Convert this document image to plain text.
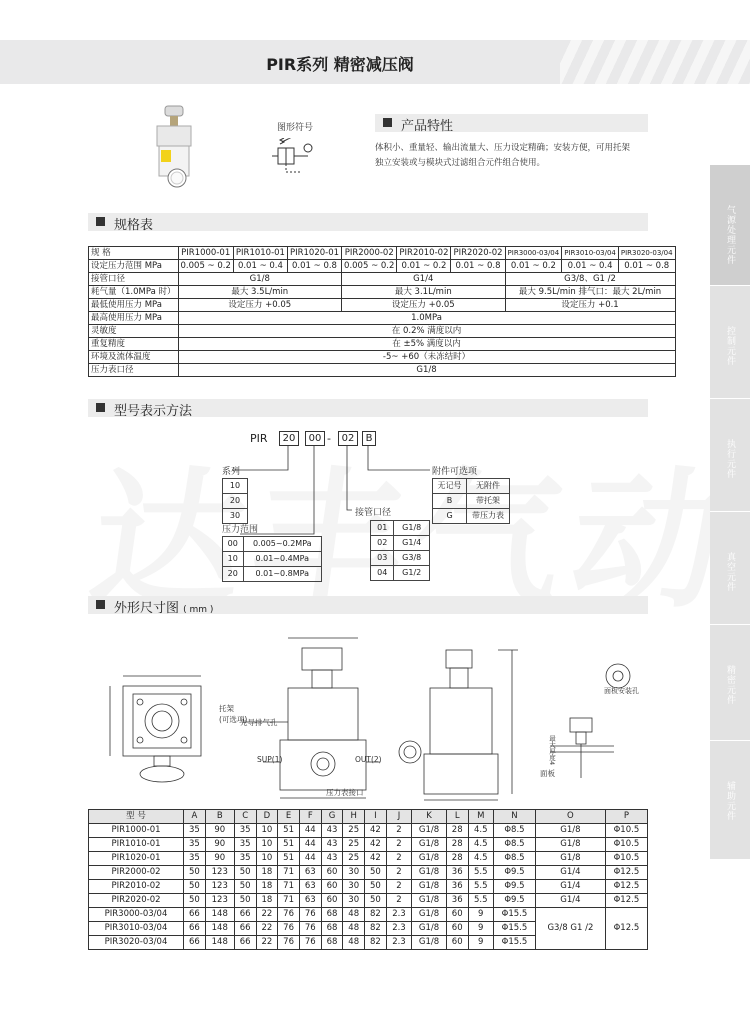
PIR系列 精密减压阀
气源处理元件
控制元件
执行元件
真空元件
精密元件
辅助元件
图形符号	产品特性
体积小、重量轻、输出流量大、压力设定精确；安装方便，可用托架
独立安装或与模块式过滤组合元件组合使用。
规格表
规 格	PIR1000-01	PIR1010-01	PIR1020-01	PIR2000-02	PIR2010-02	PIR2020-02	PIR3000-03/04	PIR3010-03/04	PIR3020-03/04
设定压力范围 MPa	0.005 ~ 0.2	0.01 ~ 0.4	0.01 ~ 0.8	0.005 ~ 0.2	0.01 ~ 0.2	0.01 ~ 0.8	0.01 ~ 0.2	0.01 ~ 0.4	0.01 ~ 0.8
接管口径	G1/8			G1/4			G3/8、G1 /2		
耗气量（1.0MPa 时）	最大 3.5L/min			最大 3.1L/min			最大 9.5L/min 排气口：最大 2L/min		
最低使用压力 MPa	设定压力 +0.05			设定压力 +0.05			设定压力 +0.1		
最高使用压力 MPa	1.0MPa								
灵敏度	在 0.2% 满度以内								
重复精度	在 ±5% 满度以内								
环境及流体温度	-5~ +60（未冻结时）								
压力表口径	G1/8								
型号表示方法
PIR	20	00 -	02	B
系列
10
20
30
压力范围
00	0.005~0.2MPa
10	0.01~0.4MPa
20	0.01~0.8MPa
接管口径
01	G1/8
02	G1/4
03	G3/8
04	G1/2
附件可选项
无记号	无附件
B	带托架
G	带压力表
外形尺寸图 ( mm )
托架
(可选项)
先导排气孔
SUP(1)	OUT(2)
压力表接口
面板安装孔
面板
最大厚度4
型 号	A	B	C	D	E	F	G	H	I	J	K	L	M	N	O	P
PIR1000-01	35	90	35	10	51	44	43	25	42	2	G1/8	28	4.5	Φ8.5	G1/8	Φ10.5
PIR1010-01	35	90	35	10	51	44	43	25	42	2	G1/8	28	4.5	Φ8.5	G1/8	Φ10.5
PIR1020-01	35	90	35	10	51	44	43	25	42	2	G1/8	28	4.5	Φ8.5	G1/8	Φ10.5
PIR2000-02	50	123	50	18	71	63	60	30	50	2	G1/8	36	5.5	Φ9.5	G1/4	Φ12.5
PIR2010-02	50	123	50	18	71	63	60	30	50	2	G1/8	36	5.5	Φ9.5	G1/4	Φ12.5
PIR2020-02	50	123	50	18	71	63	60	30	50	2	G1/8	36	5.5	Φ9.5	G1/4	Φ12.5
PIR3000-03/04	66	148	66	22	76	76	68	48	82	2.3	G1/8	60	9	Φ15.5	G3/8 G1 /2	Φ12.5
PIR3010-03/04	66	148	66	22	76	76	68	48	82	2.3	G1/8	60	9	Φ15.5		
PIR3020-03/04	66	148	66	22	76	76	68	48	82	2.3	G1/8	60	9	Φ15.5		
